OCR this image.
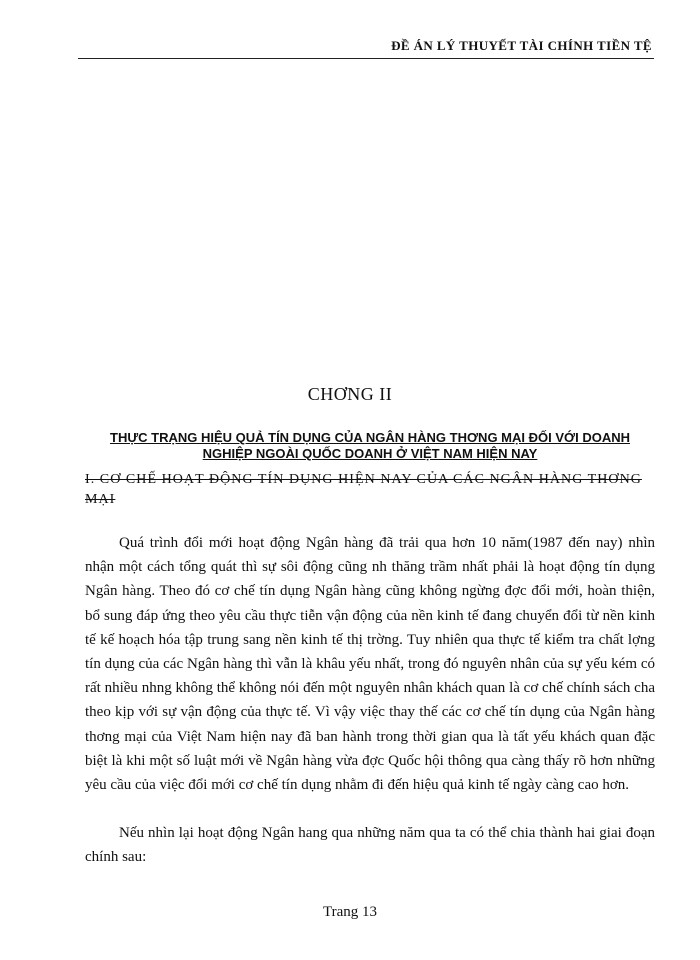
ĐỀ ÁN LÝ THUYẾT TÀI CHÍNH TIỀN TỆ
CHƠNG II
THỰC TRẠNG HIỆU QUẢ TÍN DỤNG CỦA NGÂN HÀNG THƠNG MẠI ĐỐI VỚI DOANH NGHIỆP NGOÀI QUỐC DOANH Ở VIỆT NAM HIỆN NAY
I. CƠ CHẾ HOẠT ĐỘNG TÍN DỤNG HIỆN NAY CỦA CÁC NGÂN HÀNG THƠNG MẠI

Quá trình đổi mới hoạt động Ngân hàng đã trải qua hơn 10 năm(1987 đến nay) nhìn nhận một cách tổng quát thì sự sôi động cũng nh thăng trầm nhất phải là hoạt động tín dụng Ngân hàng. Theo đó cơ chế tín dụng Ngân hàng cũng không ngừng đợc đổi mới, hoàn thiện, bổ sung đáp ứng theo yêu cầu thực tiễn vận động của nền kinh tế đang chuyển đổi từ nền kinh tế kế hoạch hóa tập trung sang nền kinh tế thị trờng. Tuy nhiên qua thực tế kiểm tra chất lợng tín dụng của các Ngân hàng thì vẫn là khâu yếu nhất, trong đó nguyên nhân của sự yếu kém có rất nhiều nhng không thể không nói đến một nguyên nhân khách quan là cơ chế chính sách cha theo kịp với sự vận động của thực tế. Vì vậy việc thay thế các cơ chế tín dụng của Ngân hàng thơng mại của Việt Nam hiện nay đã ban hành trong thời gian qua là tất yếu khách quan đặc biệt là khi một số luật mới về Ngân hàng vừa đợc Quốc hội thông qua càng thấy rõ hơn những yêu cầu của việc đổi mới cơ chế tín dụng nhằm đi đến hiệu quả kinh tế ngày càng cao hơn.

Nếu nhìn lại hoạt động Ngân hang qua những năm qua ta có thể chia thành hai giai đoạn chính sau:

Trang 13
